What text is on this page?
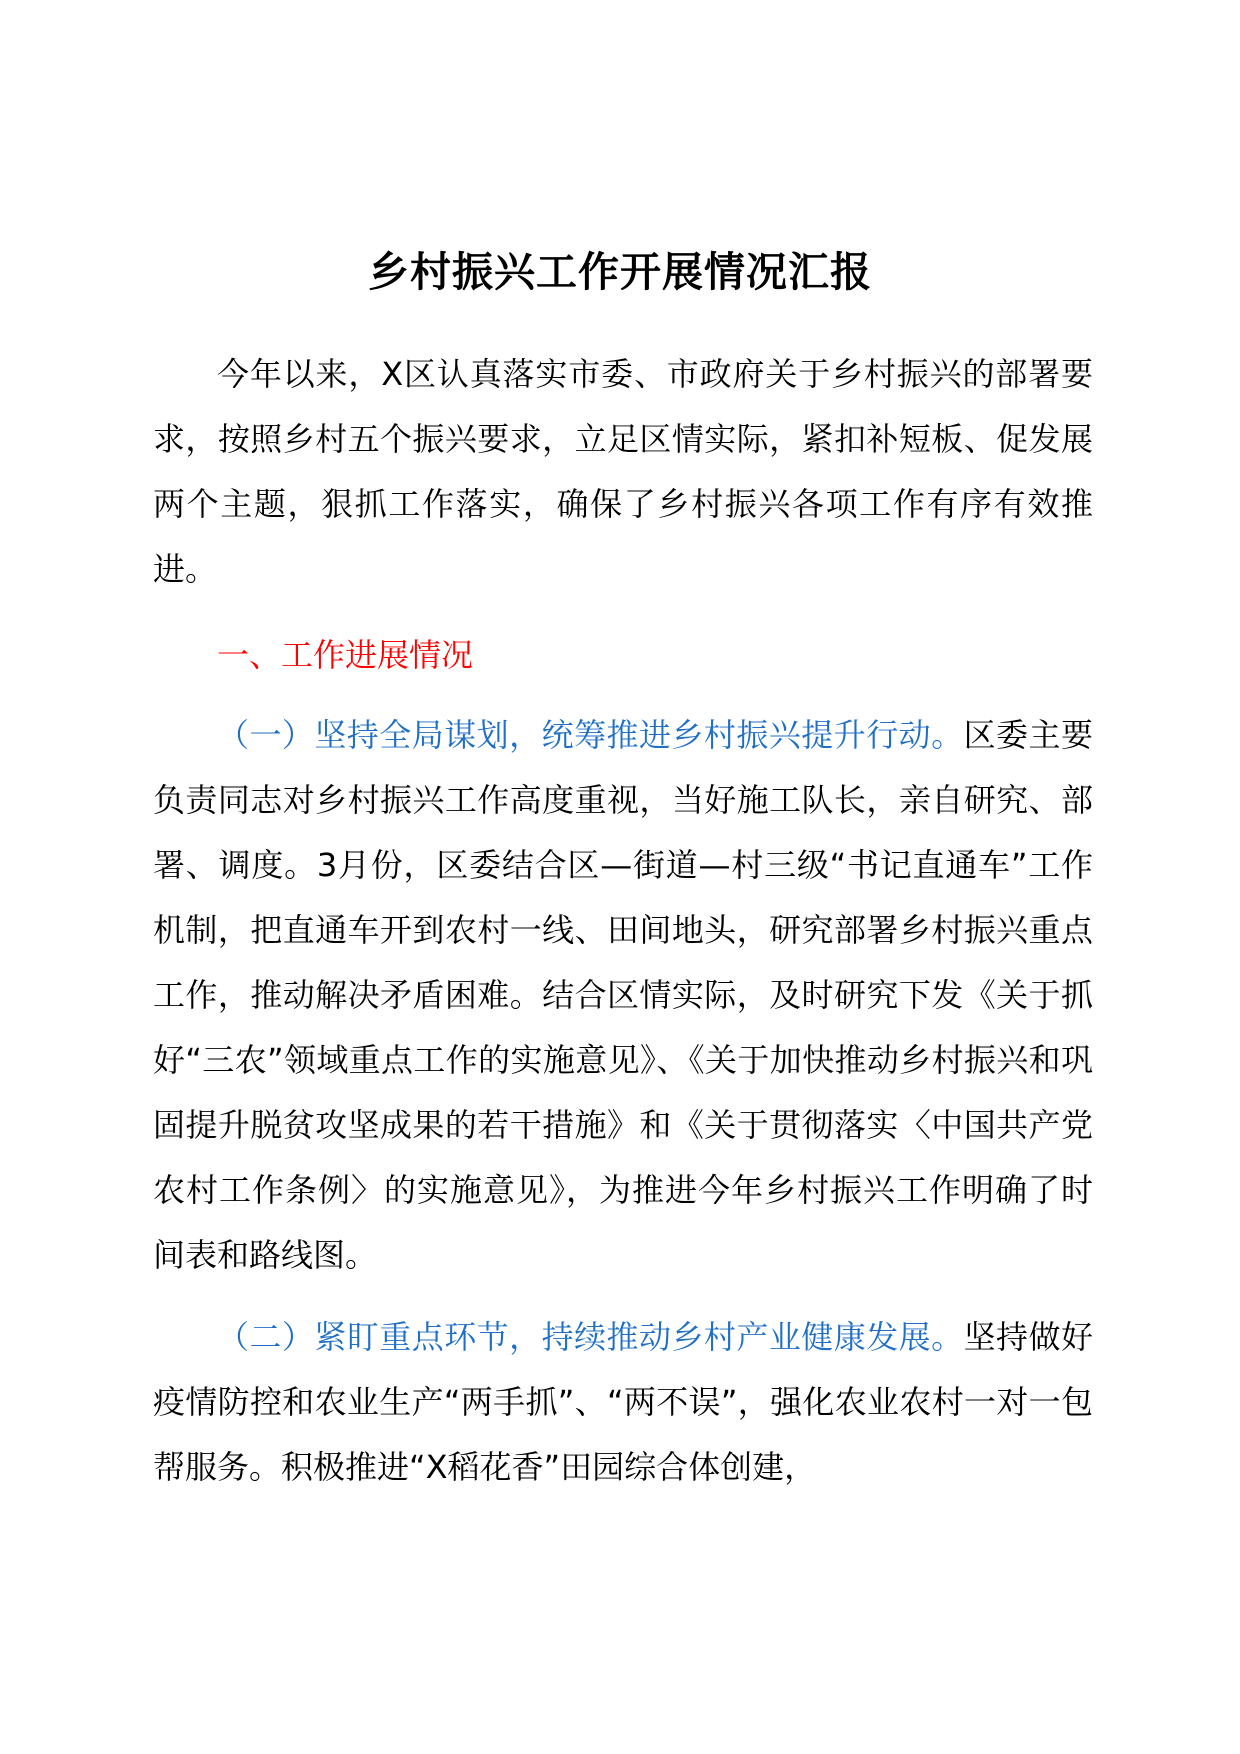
乡村振兴工作开展情况汇报

今年以来，X区认真落实市委、市政府关于乡村振兴的部署要求，按照乡村五个振兴要求，立足区情实际，紧扣补短板、促发展两个主题，狠抓工作落实，确保了乡村振兴各项工作有序有效推进。

一、工作进展情况

（一）坚持全局谋划，统筹推进乡村振兴提升行动。区委主要负责同志对乡村振兴工作高度重视，当好施工队长，亲自研究、部署、调度。3月份，区委结合区—街道—村三级“书记直通车”工作机制，把直通车开到农村一线、田间地头，研究部署乡村振兴重点工作，推动解决矛盾困难。结合区情实际，及时研究下发《关于抓好“三农”领域重点工作的实施意见》、《关于加快推动乡村振兴和巩固提升脱贫攻坚成果的若干措施》和《关于贯彻落实〈中国共产党农村工作条例〉的实施意见》，为推进今年乡村振兴工作明确了时间表和路线图。

（二）紧盯重点环节，持续推动乡村产业健康发展。坚持做好疫情防控和农业生产“两手抓”、“两不误”，强化农业农村一对一包帮服务。积极推进“X稻花香”田园综合体创建，
